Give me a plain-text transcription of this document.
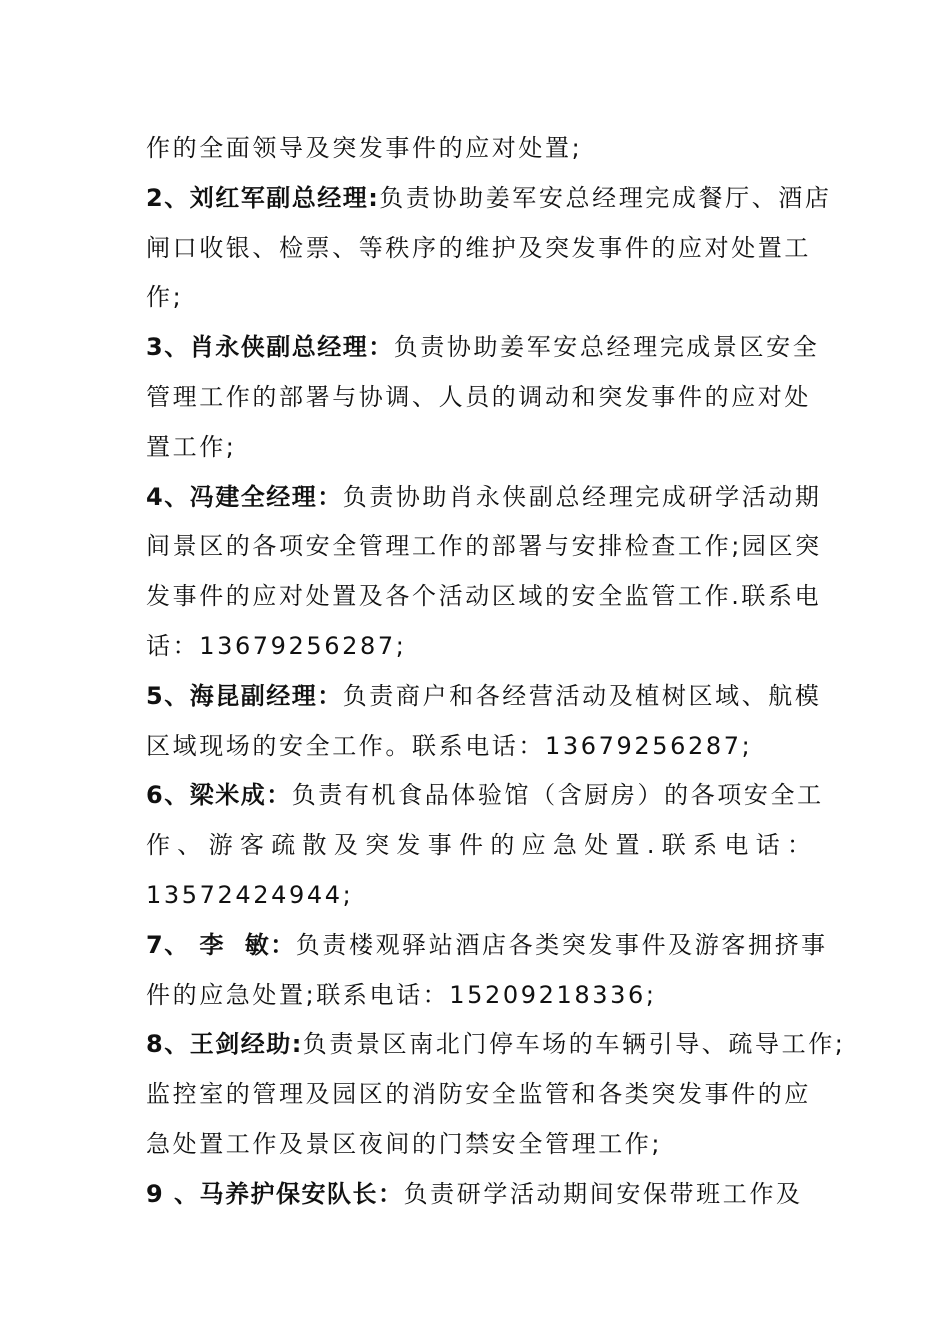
作的全面领导及突发事件的应对处置;
2、刘红军副总经理:负责协助姜军安总经理完成餐厅、酒店
闸口收银、检票、等秩序的维护及突发事件的应对处置工
作;
3、肖永侠副总经理：负责协助姜军安总经理完成景区安全
管理工作的部署与协调、人员的调动和突发事件的应对处
置工作;
4、冯建全经理：负责协助肖永侠副总经理完成研学活动期
间景区的各项安全管理工作的部署与安排检查工作;园区突
发事件的应对处置及各个活动区域的安全监管工作.联系电
话：13679256287;
5、海昆副经理：负责商户和各经营活动及植树区域、航模
区域现场的安全工作。联系电话：13679256287;
6、梁米成：负责有机食品体验馆（含厨房）的各项安全工
作、游客疏散及突发事件的应急处置.联系电话：
13572424944;
7、 李  敏：负责楼观驿站酒店各类突发事件及游客拥挤事
件的应急处置;联系电话：15209218336;
8、王剑经助:负责景区南北门停车场的车辆引导、疏导工作;
监控室的管理及园区的消防安全监管和各类突发事件的应
急处置工作及景区夜间的门禁安全管理工作;
9 、马养护保安队长：负责研学活动期间安保带班工作及
